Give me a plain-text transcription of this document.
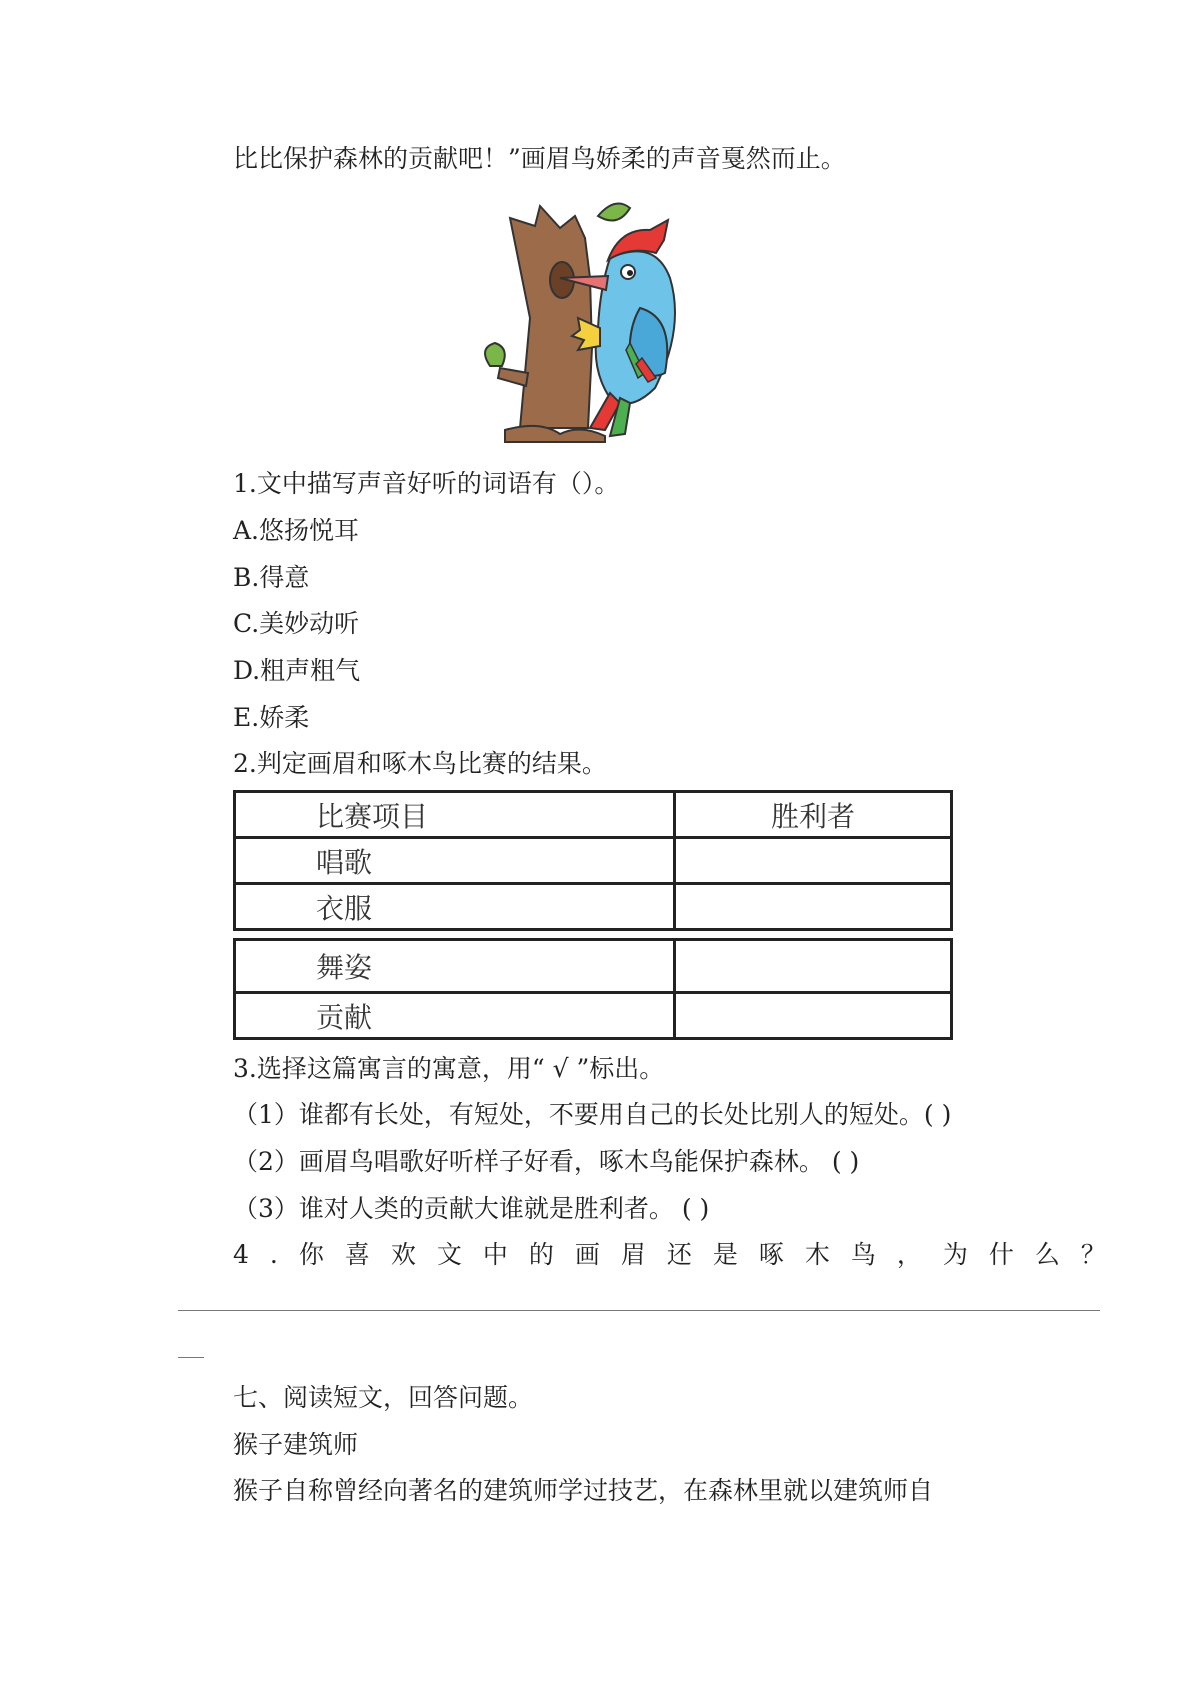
比比保护森林的贡献吧！”画眉鸟娇柔的声音戛然而止。
1.文中描写声音好听的词语有（）。
A.悠扬悦耳
B.得意
C.美妙动听
D.粗声粗气
E.娇柔
2.判定画眉和啄木鸟比赛的结果。
比赛项目	胜利者
唱歌	
衣服	
舞姿	
贡献	
3.选择这篇寓言的寓意，用“ √ ”标出。
（1）谁都有长处，有短处，不要用自己的长处比别人的短处。( )
（2）画眉鸟唱歌好听样子好看，啄木鸟能保护森林。 ( )
（3）谁对人类的贡献大谁就是胜利者。 ( )
4.你喜欢文中的画眉还是啄木鸟，为什么？
七、阅读短文，回答问题。
猴子建筑师
猴子自称曾经向著名的建筑师学过技艺，在森林里就以建筑师自
